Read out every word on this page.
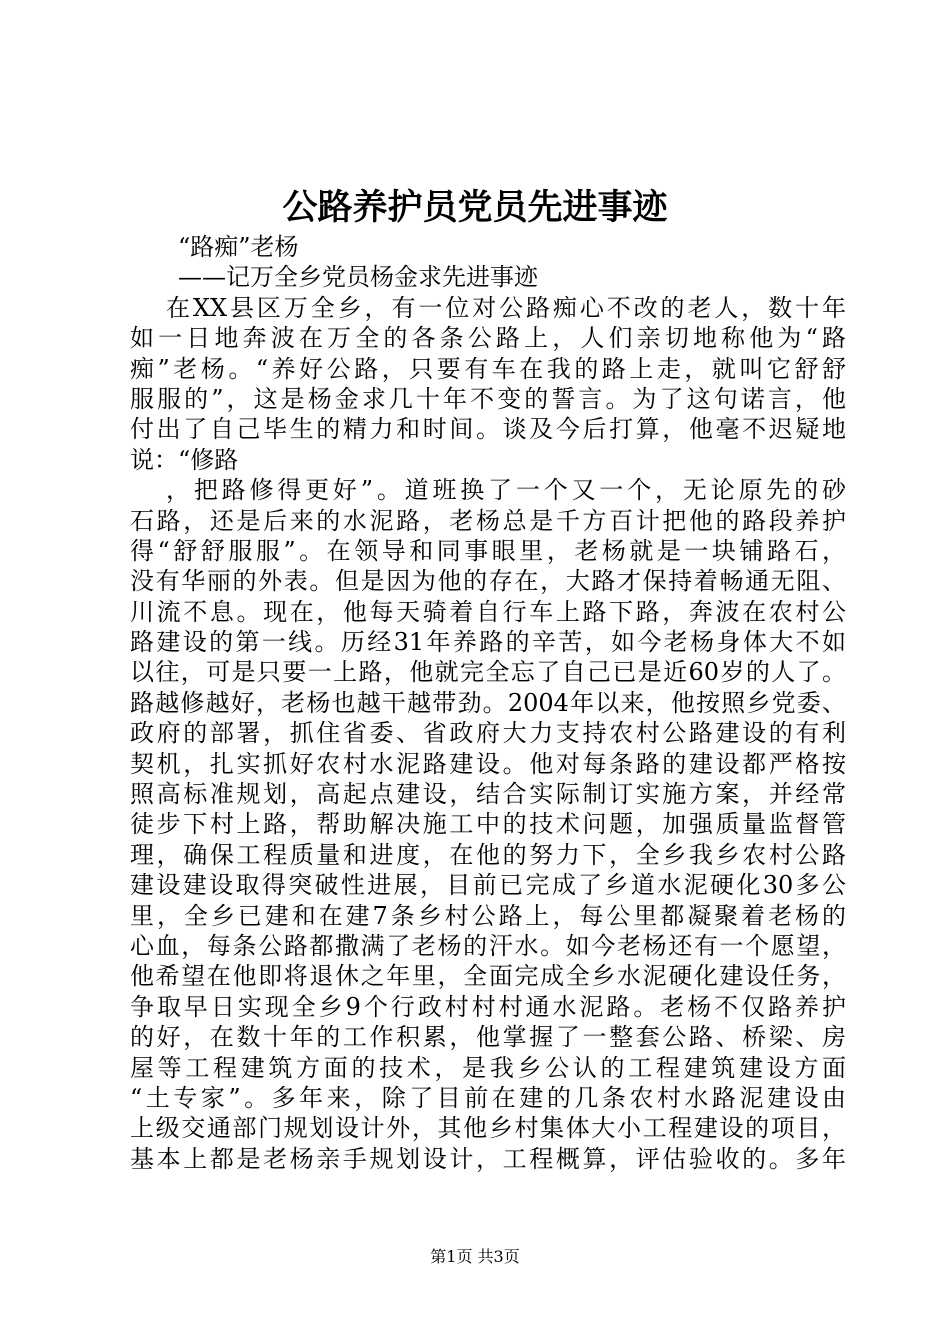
公路养护员党员先进事迹
“路痴”老杨
——记万全乡党员杨金求先进事迹
在XX县区万全乡，有一位对公路痴心不改的老人，数十年
如一日地奔波在万全的各条公路上，人们亲切地称他为“路
痴”老杨。“养好公路，只要有车在我的路上走，就叫它舒舒
服服的”，这是杨金求几十年不变的誓言。为了这句诺言，他
付出了自己毕生的精力和时间。谈及今后打算，他毫不迟疑地
说：“修路
，把路修得更好”。道班换了一个又一个，无论原先的砂
石路，还是后来的水泥路，老杨总是千方百计把他的路段养护
得“舒舒服服”。在领导和同事眼里，老杨就是一块铺路石，
没有华丽的外表。但是因为他的存在，大路才保持着畅通无阻、
川流不息。现在，他每天骑着自行车上路下路，奔波在农村公
路建设的第一线。历经31年养路的辛苦，如今老杨身体大不如
以往，可是只要一上路，他就完全忘了自己已是近60岁的人了。
路越修越好，老杨也越干越带劲。2004年以来，他按照乡党委、
政府的部署，抓住省委、省政府大力支持农村公路建设的有利
契机，扎实抓好农村水泥路建设。他对每条路的建设都严格按
照高标准规划，高起点建设，结合实际制订实施方案，并经常
徒步下村上路，帮助解决施工中的技术问题，加强质量监督管
理，确保工程质量和进度，在他的努力下，全乡我乡农村公路
建设建设取得突破性进展，目前已完成了乡道水泥硬化30多公
里，全乡已建和在建7条乡村公路上，每公里都凝聚着老杨的
心血，每条公路都撒满了老杨的汗水。如今老杨还有一个愿望，
他希望在他即将退休之年里，全面完成全乡水泥硬化建设任务，
争取早日实现全乡9个行政村村村通水泥路。老杨不仅路养护
的好，在数十年的工作积累，他掌握了一整套公路、桥梁、房
屋等工程建筑方面的技术，是我乡公认的工程建筑建设方面
“土专家”。多年来，除了目前在建的几条农村水路泥建设由
上级交通部门规划设计外，其他乡村集体大小工程建设的项目，
基本上都是老杨亲手规划设计，工程概算，评估验收的。多年
第1页 共3页
